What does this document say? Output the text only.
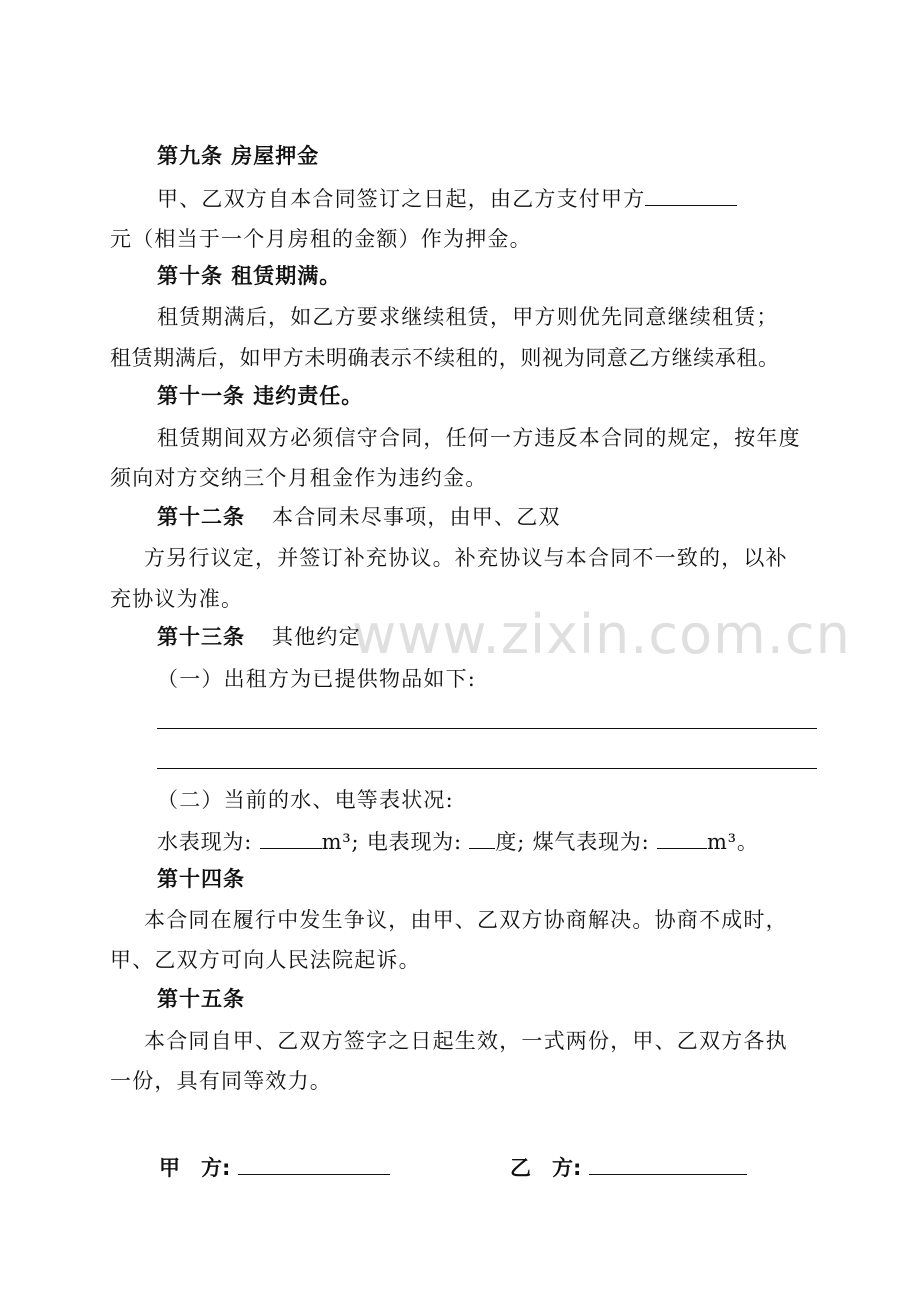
www.zixin.com.cn
第九条 房屋押金
甲、乙双方自本合同签订之日起，由乙方支付甲方
元（相当于一个月房租的金额）作为押金。
第十条 租赁期满。
租赁期满后，如乙方要求继续租赁，甲方则优先同意继续租赁；
租赁期满后，如甲方未明确表示不续租的，则视为同意乙方继续承租。
第十一条 违约责任。
租赁期间双方必须信守合同，任何一方违反本合同的规定，按年度
须向对方交纳三个月租金作为违约金。
第十二条 本合同未尽事项，由甲、乙双
方另行议定，并签订补充协议。补充协议与本合同不一致的，以补
充协议为准。
第十三条 其他约定
（一）出租方为已提供物品如下:
（二）当前的水、电等表状况:
水表现为:	m³; 电表现为: 度; 煤气表现为:	m³。
第十四条
本合同在履行中发生争议，由甲、乙双方协商解决。协商不成时，
甲、乙双方可向人民法院起诉。
第十五条
本合同自甲、乙双方签字之日起生效，一式两份，甲、乙双方各执
一份，具有同等效力。
甲　方:	乙　方:
